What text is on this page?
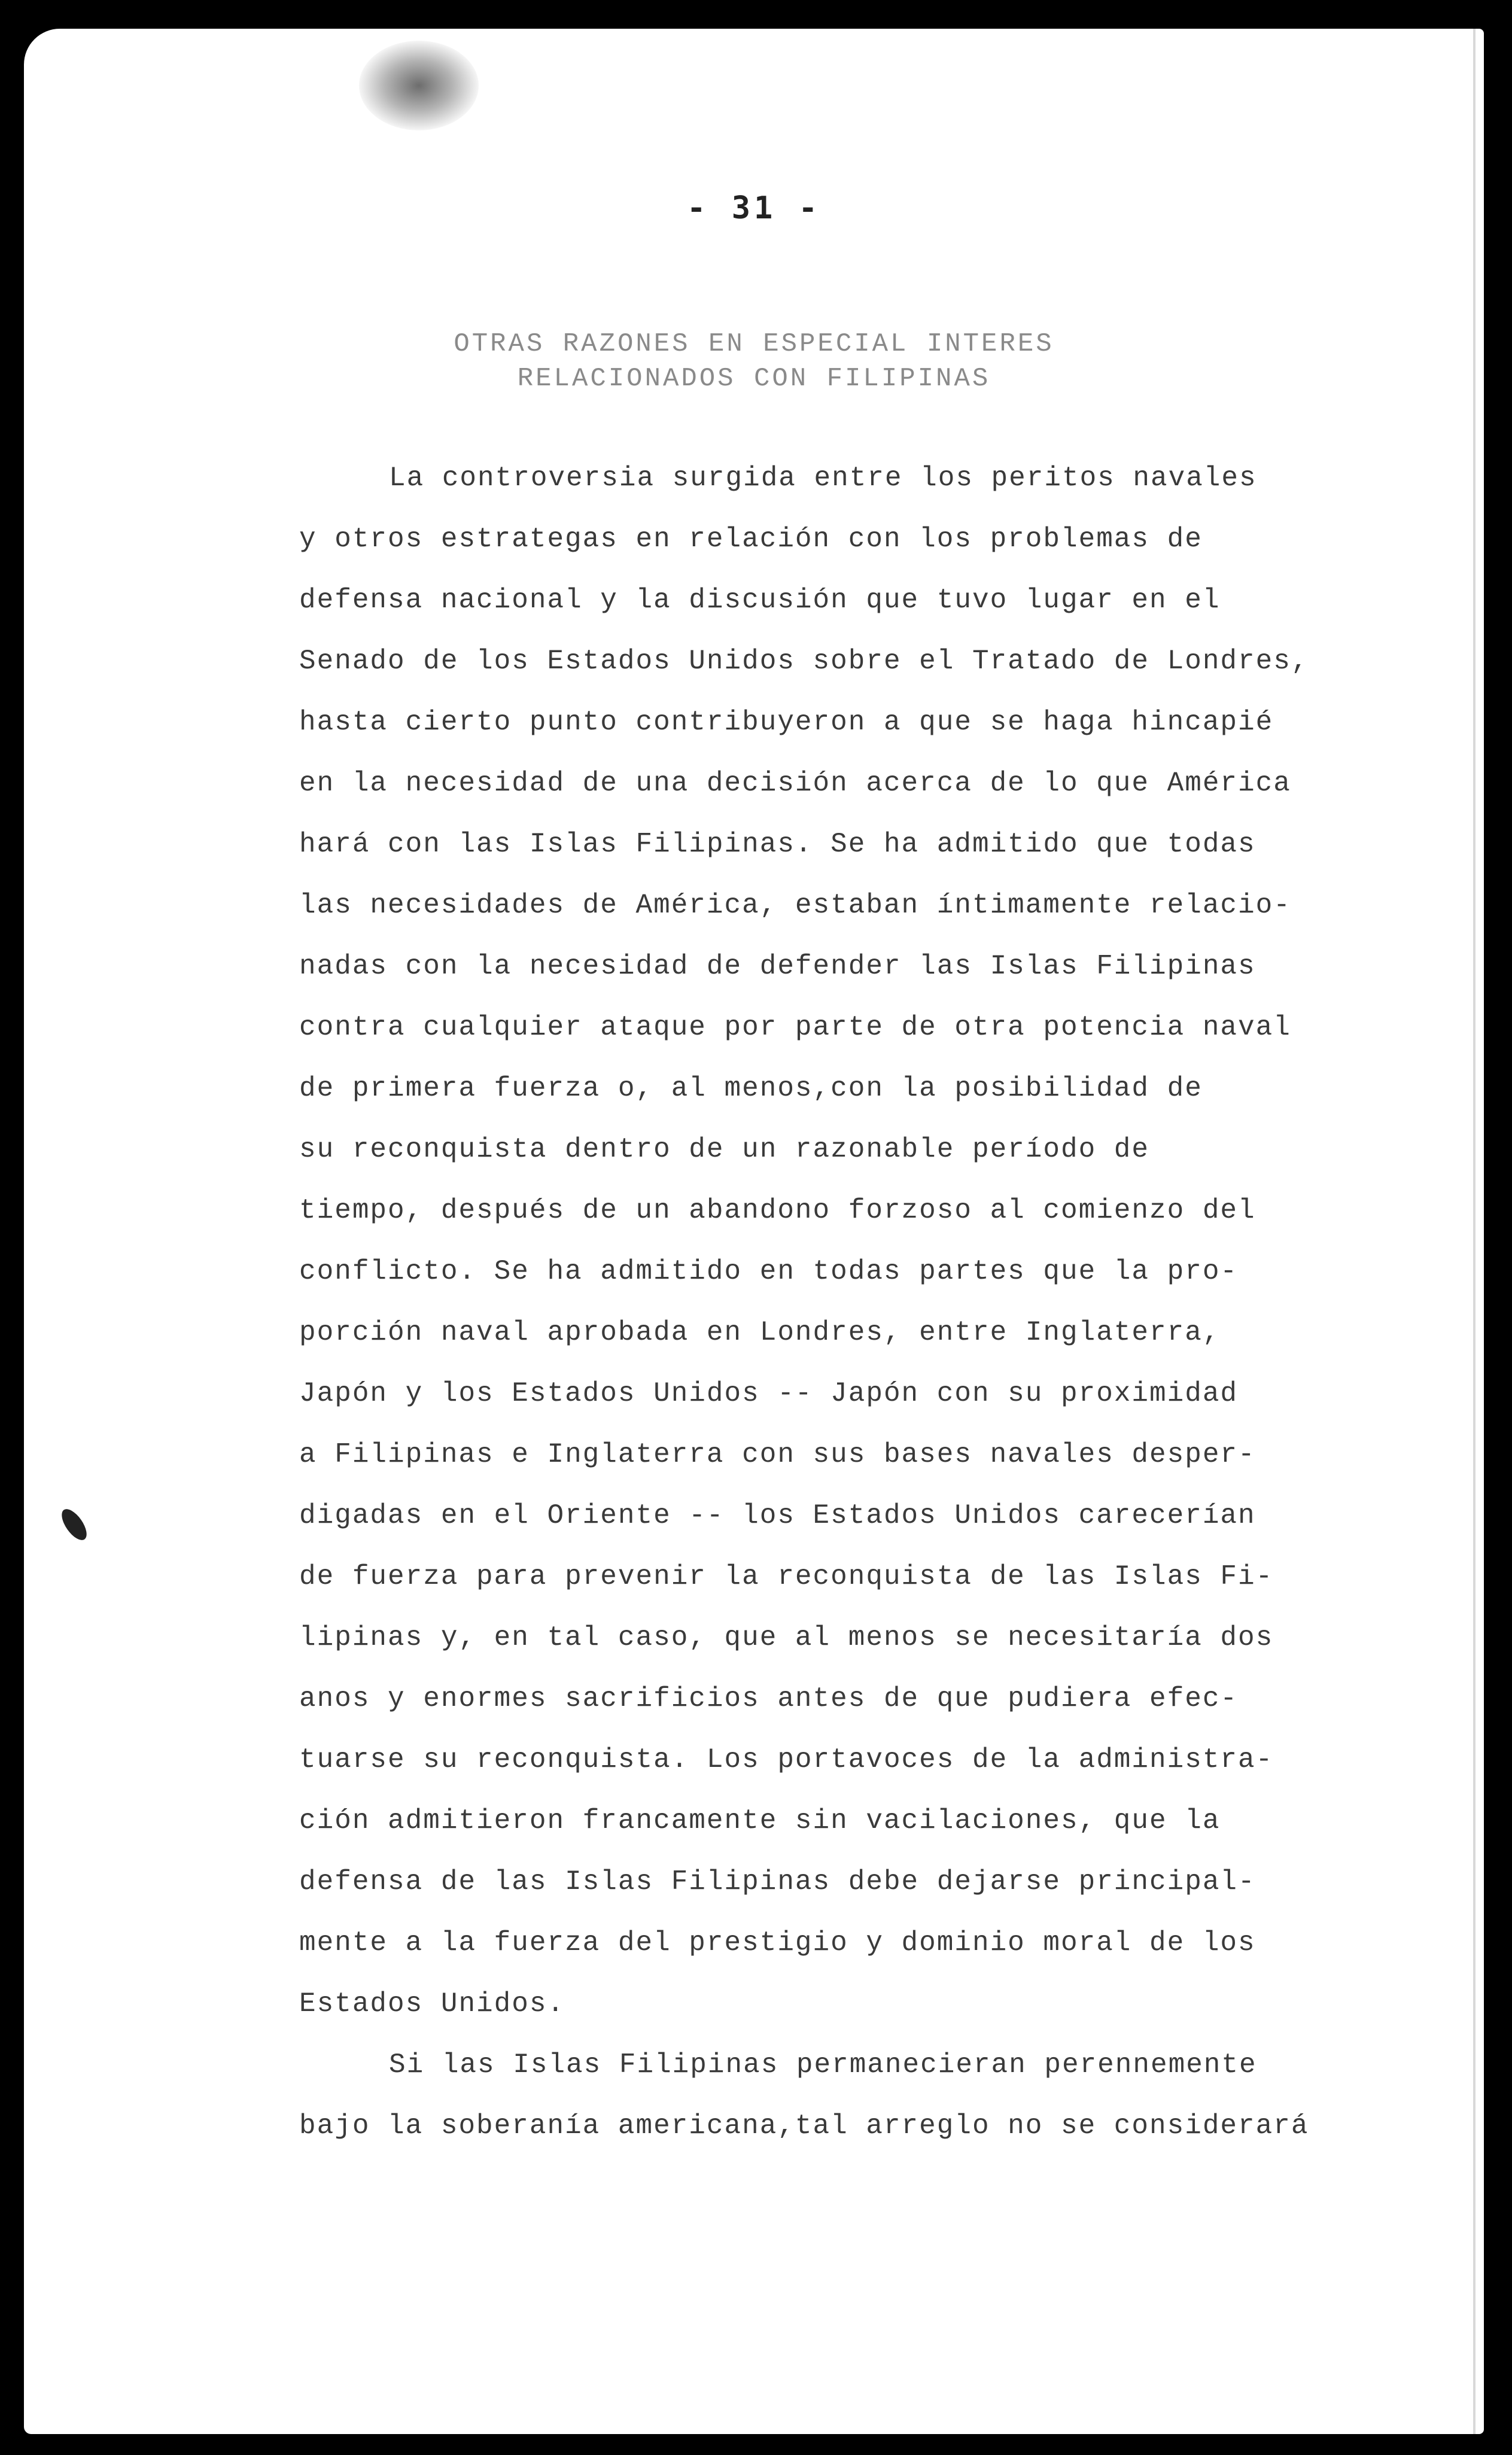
- 31 -
OTRAS RAZONES EN ESPECIAL INTERES
RELACIONADOS CON FILIPINAS
La controversia surgida entre los peritos navales
y otros estrategas en relación con los problemas de
defensa nacional y la discusión que tuvo lugar en el
Senado de los Estados Unidos sobre el Tratado de Londres,
hasta cierto punto contribuyeron a que se haga hincapié
en la necesidad de una decisión acerca de lo que América
hará con las Islas Filipinas. Se ha admitido que todas
las necesidades de América, estaban íntimamente relacio-
nadas con la necesidad de defender las Islas Filipinas
contra cualquier ataque por parte de otra potencia naval
de primera fuerza o, al menos,con la posibilidad de
su reconquista dentro de un razonable período de
tiempo, después de un abandono forzoso al comienzo del
conflicto. Se ha admitido en todas partes que la pro-
porción naval aprobada en Londres, entre Inglaterra,
Japón y los Estados Unidos -- Japón con su proximidad
a Filipinas e Inglaterra con sus bases navales desper-
digadas en el Oriente -- los Estados Unidos carecerían
de fuerza para prevenir la reconquista de las Islas Fi-
lipinas y, en tal caso, que al menos se necesitaría dos
anos y enormes sacrificios antes de que pudiera efec-
tuarse su reconquista. Los portavoces de la administra-
ción admitieron francamente sin vacilaciones, que la
defensa de las Islas Filipinas debe dejarse principal-
mente a la fuerza del prestigio y dominio moral de los
Estados Unidos.
Si las Islas Filipinas permanecieran perennemente
bajo la soberanía americana,tal arreglo no se considerará
